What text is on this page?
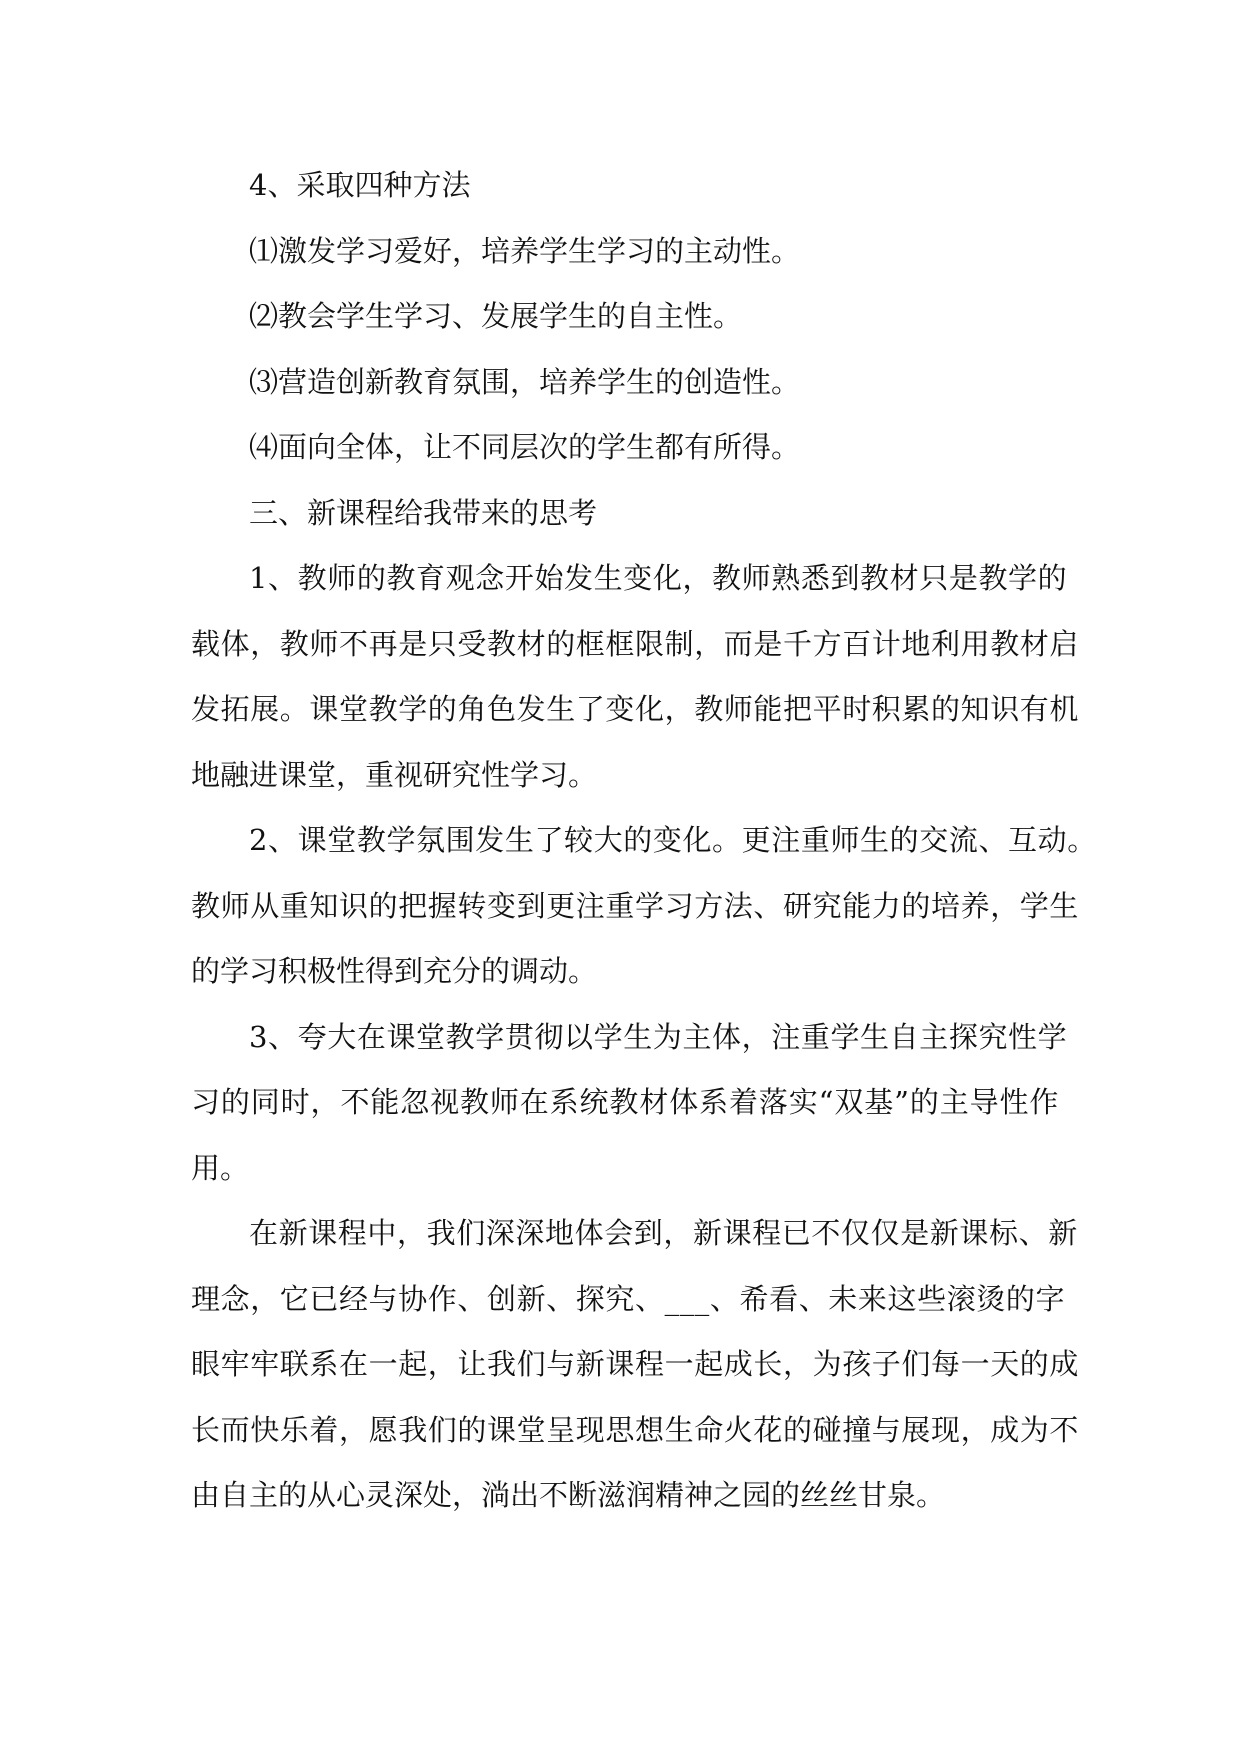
4、采取四种方法

⑴激发学习爱好，培养学生学习的主动性。

⑵教会学生学习、发展学生的自主性。

⑶营造创新教育氛围，培养学生的创造性。

⑷面向全体，让不同层次的学生都有所得。

三、新课程给我带来的思考

1、教师的教育观念开始发生变化，教师熟悉到教材只是教学的
载体，教师不再是只受教材的框框限制，而是千方百计地利用教材启
发拓展。课堂教学的角色发生了变化，教师能把平时积累的知识有机
地融进课堂，重视研究性学习。
2、课堂教学氛围发生了较大的变化。更注重师生的交流、互动。
教师从重知识的把握转变到更注重学习方法、研究能力的培养，学生
的学习积极性得到充分的调动。
3、夸大在课堂教学贯彻以学生为主体，注重学生自主探究性学
习的同时，不能忽视教师在系统教材体系着落实“双基”的主导性作
用。
在新课程中，我们深深地体会到，新课程已不仅仅是新课标、新
理念，它已经与协作、创新、探究、___、希看、未来这些滚烫的字
眼牢牢联系在一起，让我们与新课程一起成长，为孩子们每一天的成
长而快乐着，愿我们的课堂呈现思想生命火花的碰撞与展现，成为不
由自主的从心灵深处，淌出不断滋润精神之园的丝丝甘泉。
